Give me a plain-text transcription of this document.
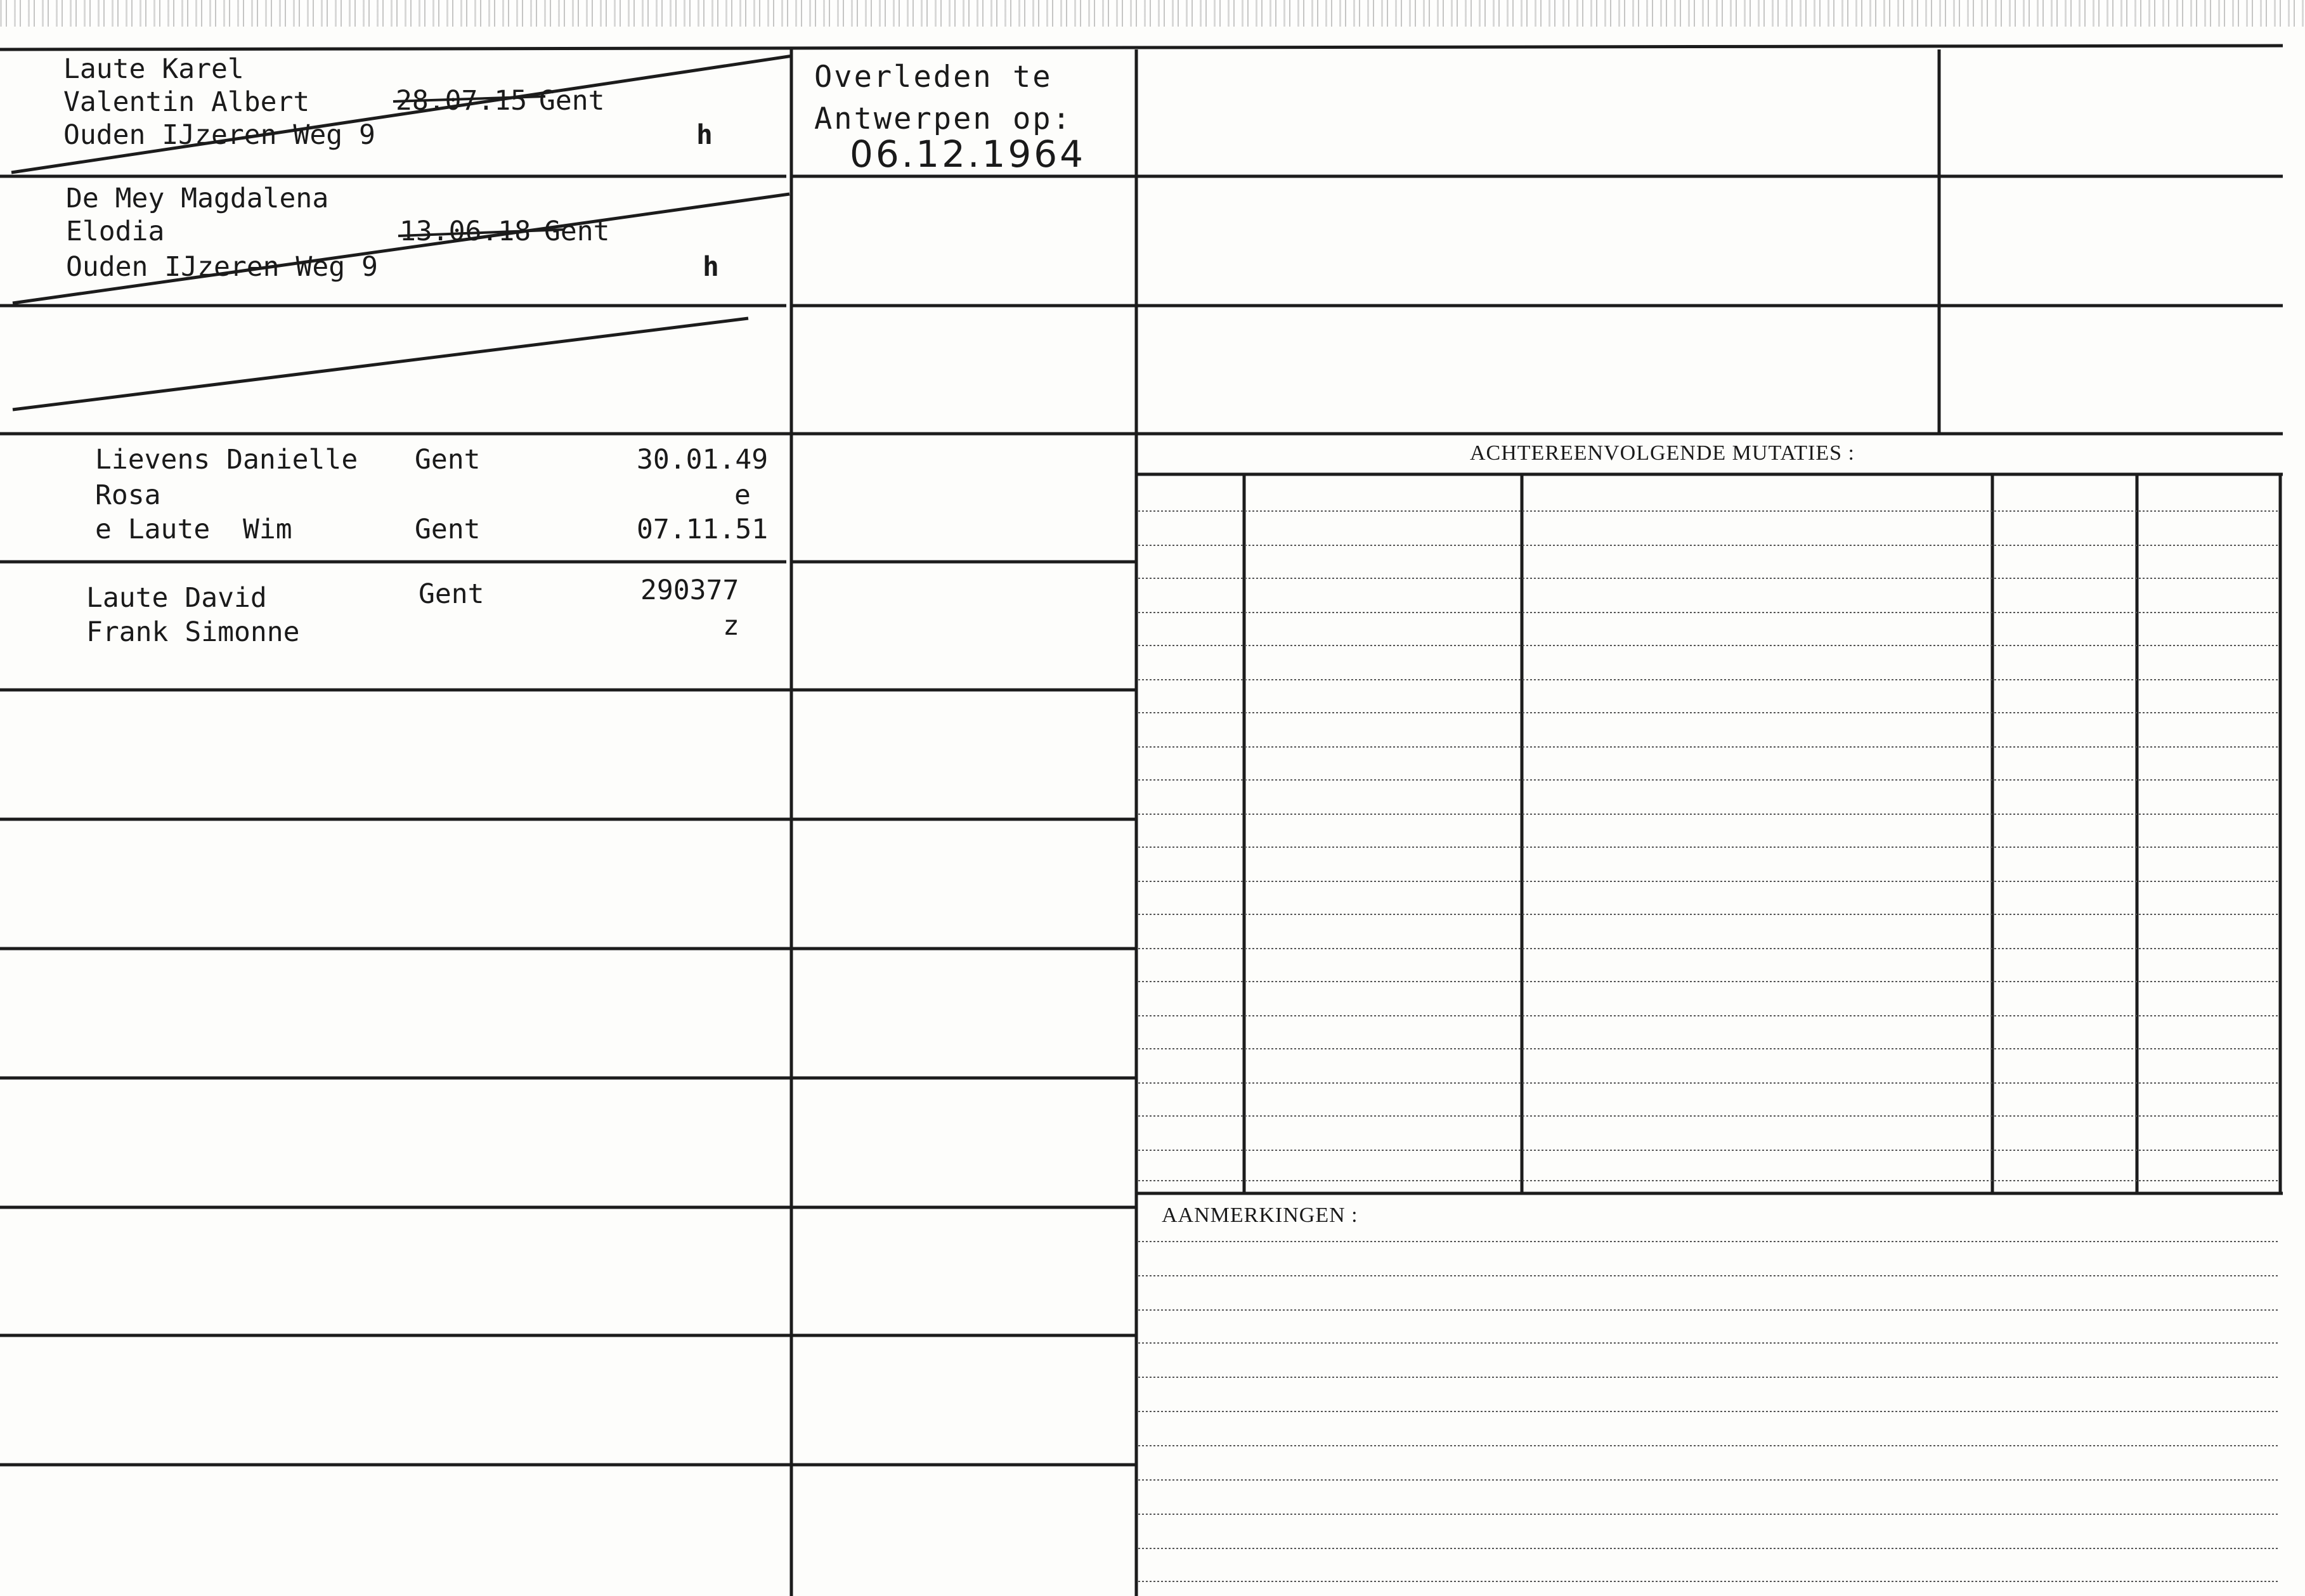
Laute Karel
Valentin Albert
Ouden IJzeren Weg 9
28.07.15 Gent
h
De Mey Magdalena
Elodia
Ouden IJzeren Weg 9
13.06.18 Gent
h
Lievens Danielle
Rosa
e Laute  Wim
Gent
Gent
30.01.49
e
07.11.51
Laute David
Frank Simonne
Gent	290377
z
Overleden te
Antwerpen op:
06.12.1964
ACHTEREENVOLGENDE MUTATIES :
AANMERKINGEN :
